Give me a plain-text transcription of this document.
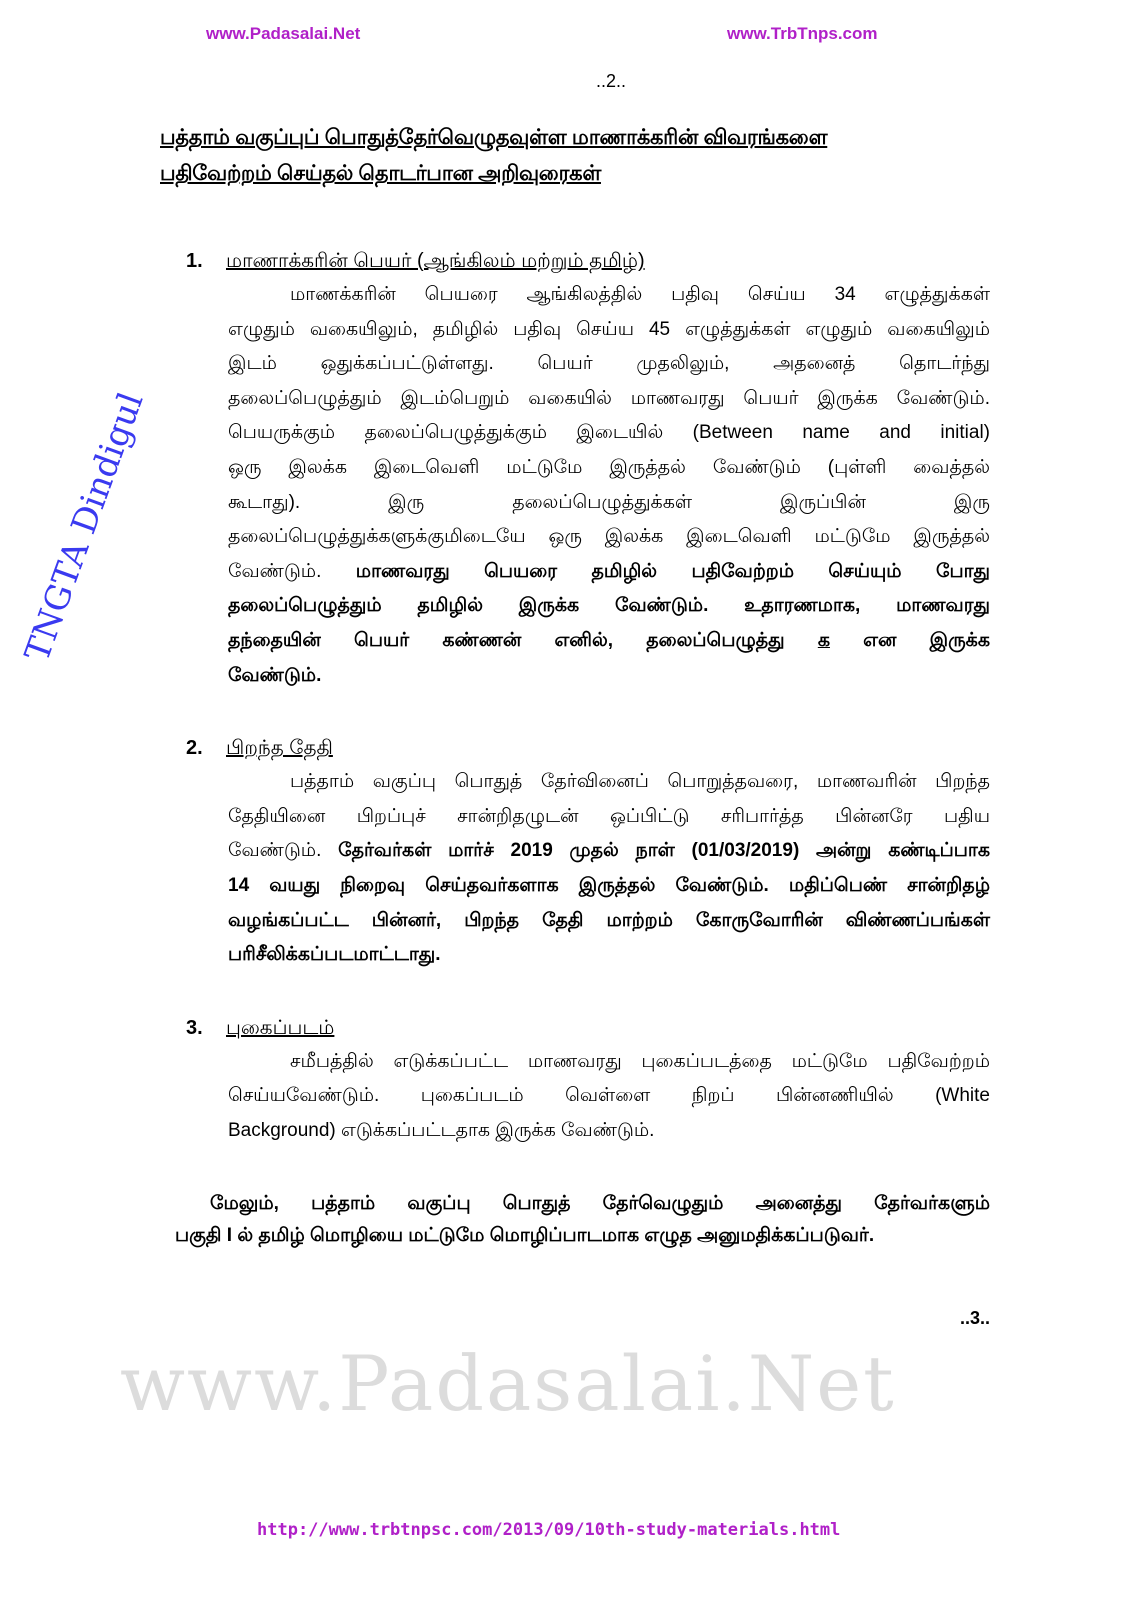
www.Padasalai.Net	www.TrbTnps.com
..2..
பத்தாம் வகுப்புப் பொதுத்தேர்வெழுதவுள்ள மாணாக்கரின் விவரங்களை
பதிவேற்றம் செய்தல் தொடர்பான அறிவுரைகள்
1. மாணாக்கரின் பெயர் (ஆங்கிலம் மற்றும் தமிழ்)
மாணக்கரின் பெயரை ஆங்கிலத்தில் பதிவு செய்ய 34 எழுத்துக்கள்
எழுதும் வகையிலும், தமிழில் பதிவு செய்ய 45 எழுத்துக்கள் எழுதும் வகையிலும்
இடம் ஒதுக்கப்பட்டுள்ளது. பெயர் முதலிலும், அதனைத் தொடர்ந்து
தலைப்பெழுத்தும் இடம்பெறும் வகையில் மாணவரது பெயர் இருக்க வேண்டும்.
பெயருக்கும் தலைப்பெழுத்துக்கும் இடையில் (Between name and initial)
ஒரு இலக்க இடைவெளி மட்டுமே இருத்தல் வேண்டும் (புள்ளி வைத்தல்
கூடாது). இரு தலைப்பெழுத்துக்கள் இருப்பின் இரு
தலைப்பெழுத்துக்களுக்குமிடையே ஒரு இலக்க இடைவெளி மட்டுமே இருத்தல்
வேண்டும். மாணவரது பெயரை தமிழில் பதிவேற்றம் செய்யும் போது
தலைப்பெழுத்தும் தமிழில் இருக்க வேண்டும். உதாரணமாக, மாணவரது
தந்தையின் பெயர் கண்ணன் எனில், தலைப்பெழுத்து க என இருக்க
வேண்டும்.
2. பிறந்த தேதி
பத்தாம் வகுப்பு பொதுத் தேர்வினைப் பொறுத்தவரை, மாணவரின் பிறந்த
தேதியினை பிறப்புச் சான்றிதழுடன் ஒப்பிட்டு சரிபார்த்த பின்னரே பதிய
வேண்டும். தேர்வர்கள் மார்ச் 2019 முதல் நாள் (01/03/2019) அன்று கண்டிப்பாக
14 வயது நிறைவு செய்தவர்களாக இருத்தல் வேண்டும். மதிப்பெண் சான்றிதழ்
வழங்கப்பட்ட பின்னர், பிறந்த தேதி மாற்றம் கோருவோரின் விண்ணப்பங்கள்
பரிசீலிக்கப்படமாட்டாது.
3. புகைப்படம்
சமீபத்தில் எடுக்கப்பட்ட மாணவரது புகைப்படத்தை மட்டுமே பதிவேற்றம்
செய்யவேண்டும். புகைப்படம் வெள்ளை நிறப் பின்னணியில் (White
Background) எடுக்கப்பட்டதாக இருக்க வேண்டும்.
மேலும், பத்தாம் வகுப்பு பொதுத் தேர்வெழுதும் அனைத்து தேர்வர்களும்
பகுதி I ல் தமிழ் மொழியை மட்டுமே மொழிப்பாடமாக எழுத அனுமதிக்கப்படுவர்.
..3..
www.Padasalai.Net
TNGTA Dindigul
http://www.trbtnpsc.com/2013/09/10th-study-materials.html
